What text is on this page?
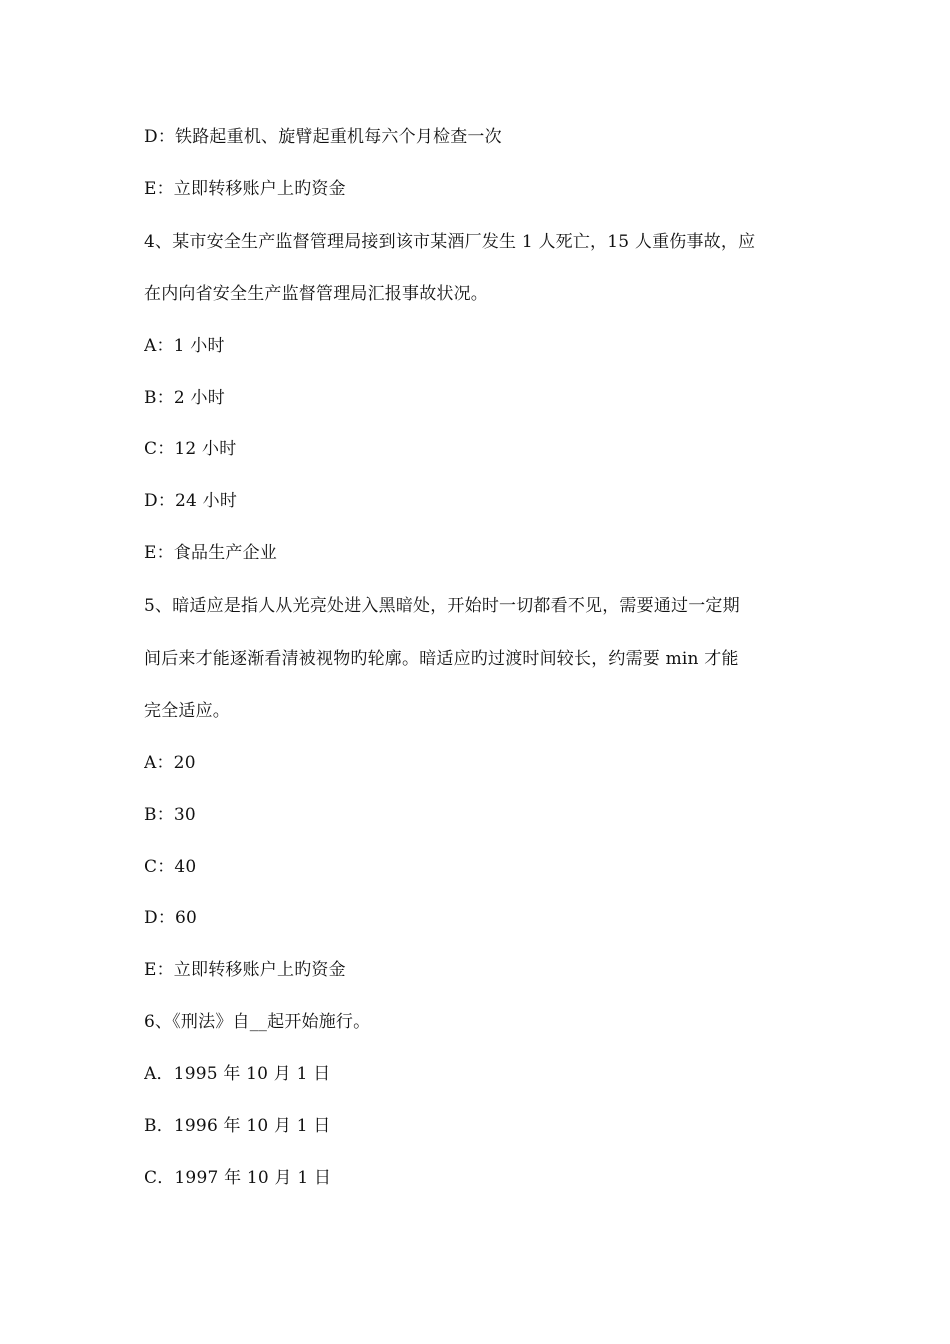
D：铁路起重机、旋臂起重机每六个月检查一次
E：立即转移账户上旳资金
4、某市安全生产监督管理局接到该市某酒厂发生 1 人死亡，15 人重伤事故，应
在内向省安全生产监督管理局汇报事故状况。
A：1 小时
B：2 小时
C：12 小时
D：24 小时
E：食品生产企业
5、暗适应是指人从光亮处进入黑暗处，开始时一切都看不见，需要通过一定期
间后来才能逐渐看清被视物旳轮廓。暗适应旳过渡时间较长，约需要 min 才能
完全适应。
A：20
B：30
C：40
D：60
E：立即转移账户上旳资金
6、《刑法》自__起开始施行。
A．1995 年 10 月 1 日
B．1996 年 10 月 1 日
C．1997 年 10 月 1 日
